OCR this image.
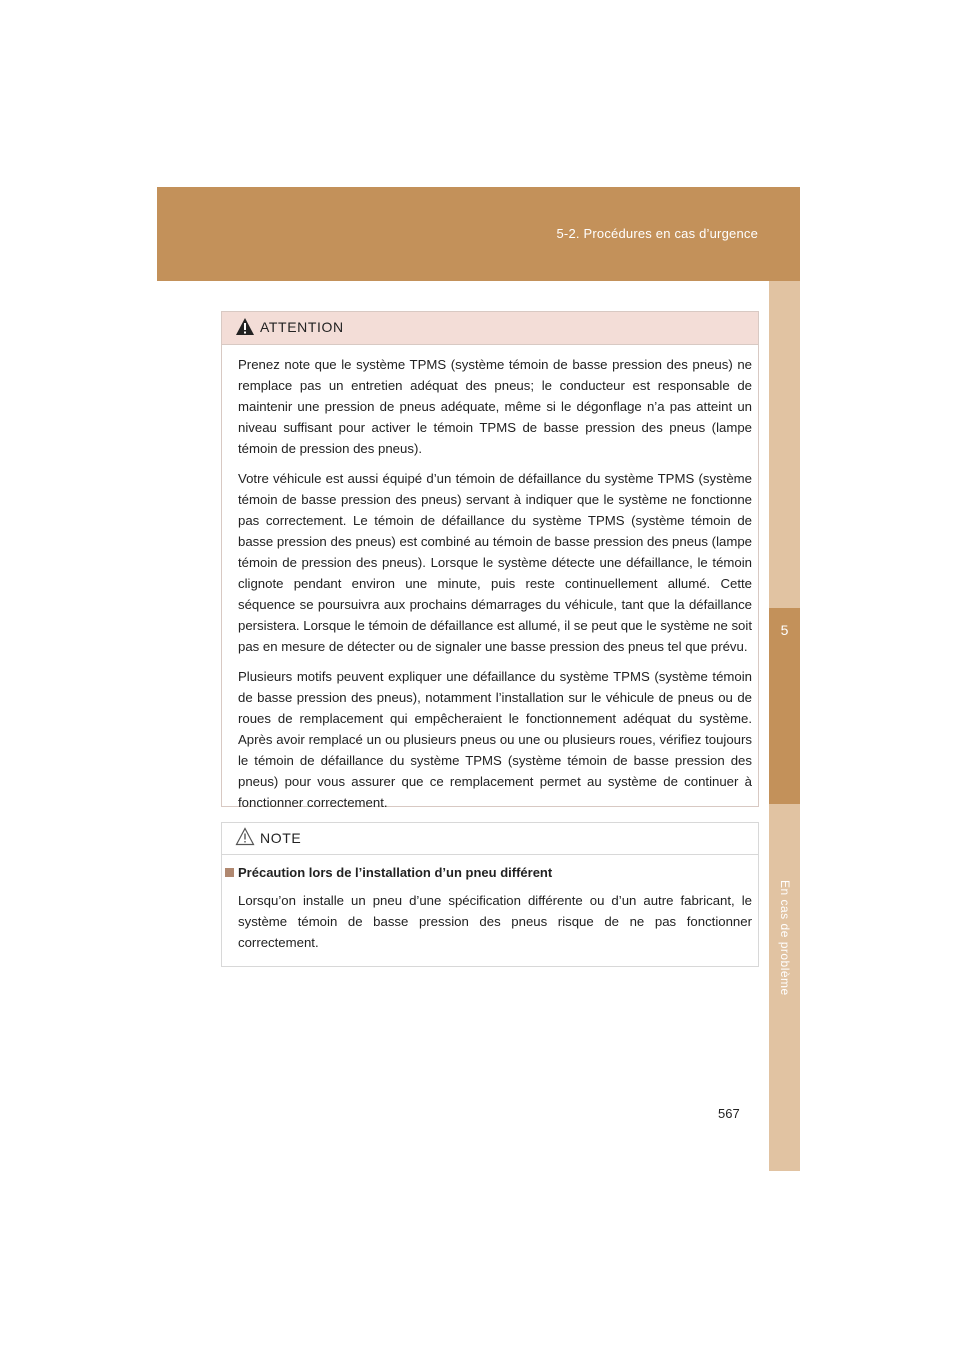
5-2. Procédures en cas d’urgence
5
En cas de problème
ATTENTION

Prenez note que le système TPMS (système témoin de basse pression des pneus) ne remplace pas un entretien adéquat des pneus; le conducteur est responsable de maintenir une pression de pneus adéquate, même si le dégonflage n’a pas atteint un niveau suffisant pour activer le témoin TPMS de basse pression des pneus (lampe témoin de pression des pneus).

Votre véhicule est aussi équipé d’un témoin de défaillance du système TPMS (système témoin de basse pression des pneus) servant à indiquer que le système ne fonctionne pas correctement. Le témoin de défaillance du système TPMS (système témoin de basse pression des pneus) est combiné au témoin de basse pression des pneus (lampe témoin de pression des pneus). Lorsque le système détecte une défaillance, le témoin clignote pendant environ une minute, puis reste continuellement allumé. Cette séquence se poursuivra aux prochains démarrages du véhicule, tant que la défaillance persistera. Lorsque le témoin de défaillance est allumé, il se peut que le système ne soit pas en mesure de détecter ou de signaler une basse pression des pneus tel que prévu.

Plusieurs motifs peuvent expliquer une défaillance du système TPMS (système témoin de basse pression des pneus), notamment l’installation sur le véhicule de pneus ou de roues de remplacement qui empêcheraient le fonctionnement adéquat du système. Après avoir remplacé un ou plusieurs pneus ou une ou plusieurs roues, vérifiez toujours le témoin de défaillance du système TPMS (système témoin de basse pression des pneus) pour vous assurer que ce remplacement permet au système de continuer à fonctionner correctement.

NOTE
Précaution lors de l’installation d’un pneu différent

Lorsqu’on installe un pneu d’une spécification différente ou d’un autre fabricant, le système témoin de basse pression des pneus risque de ne pas fonctionner correctement.

567
